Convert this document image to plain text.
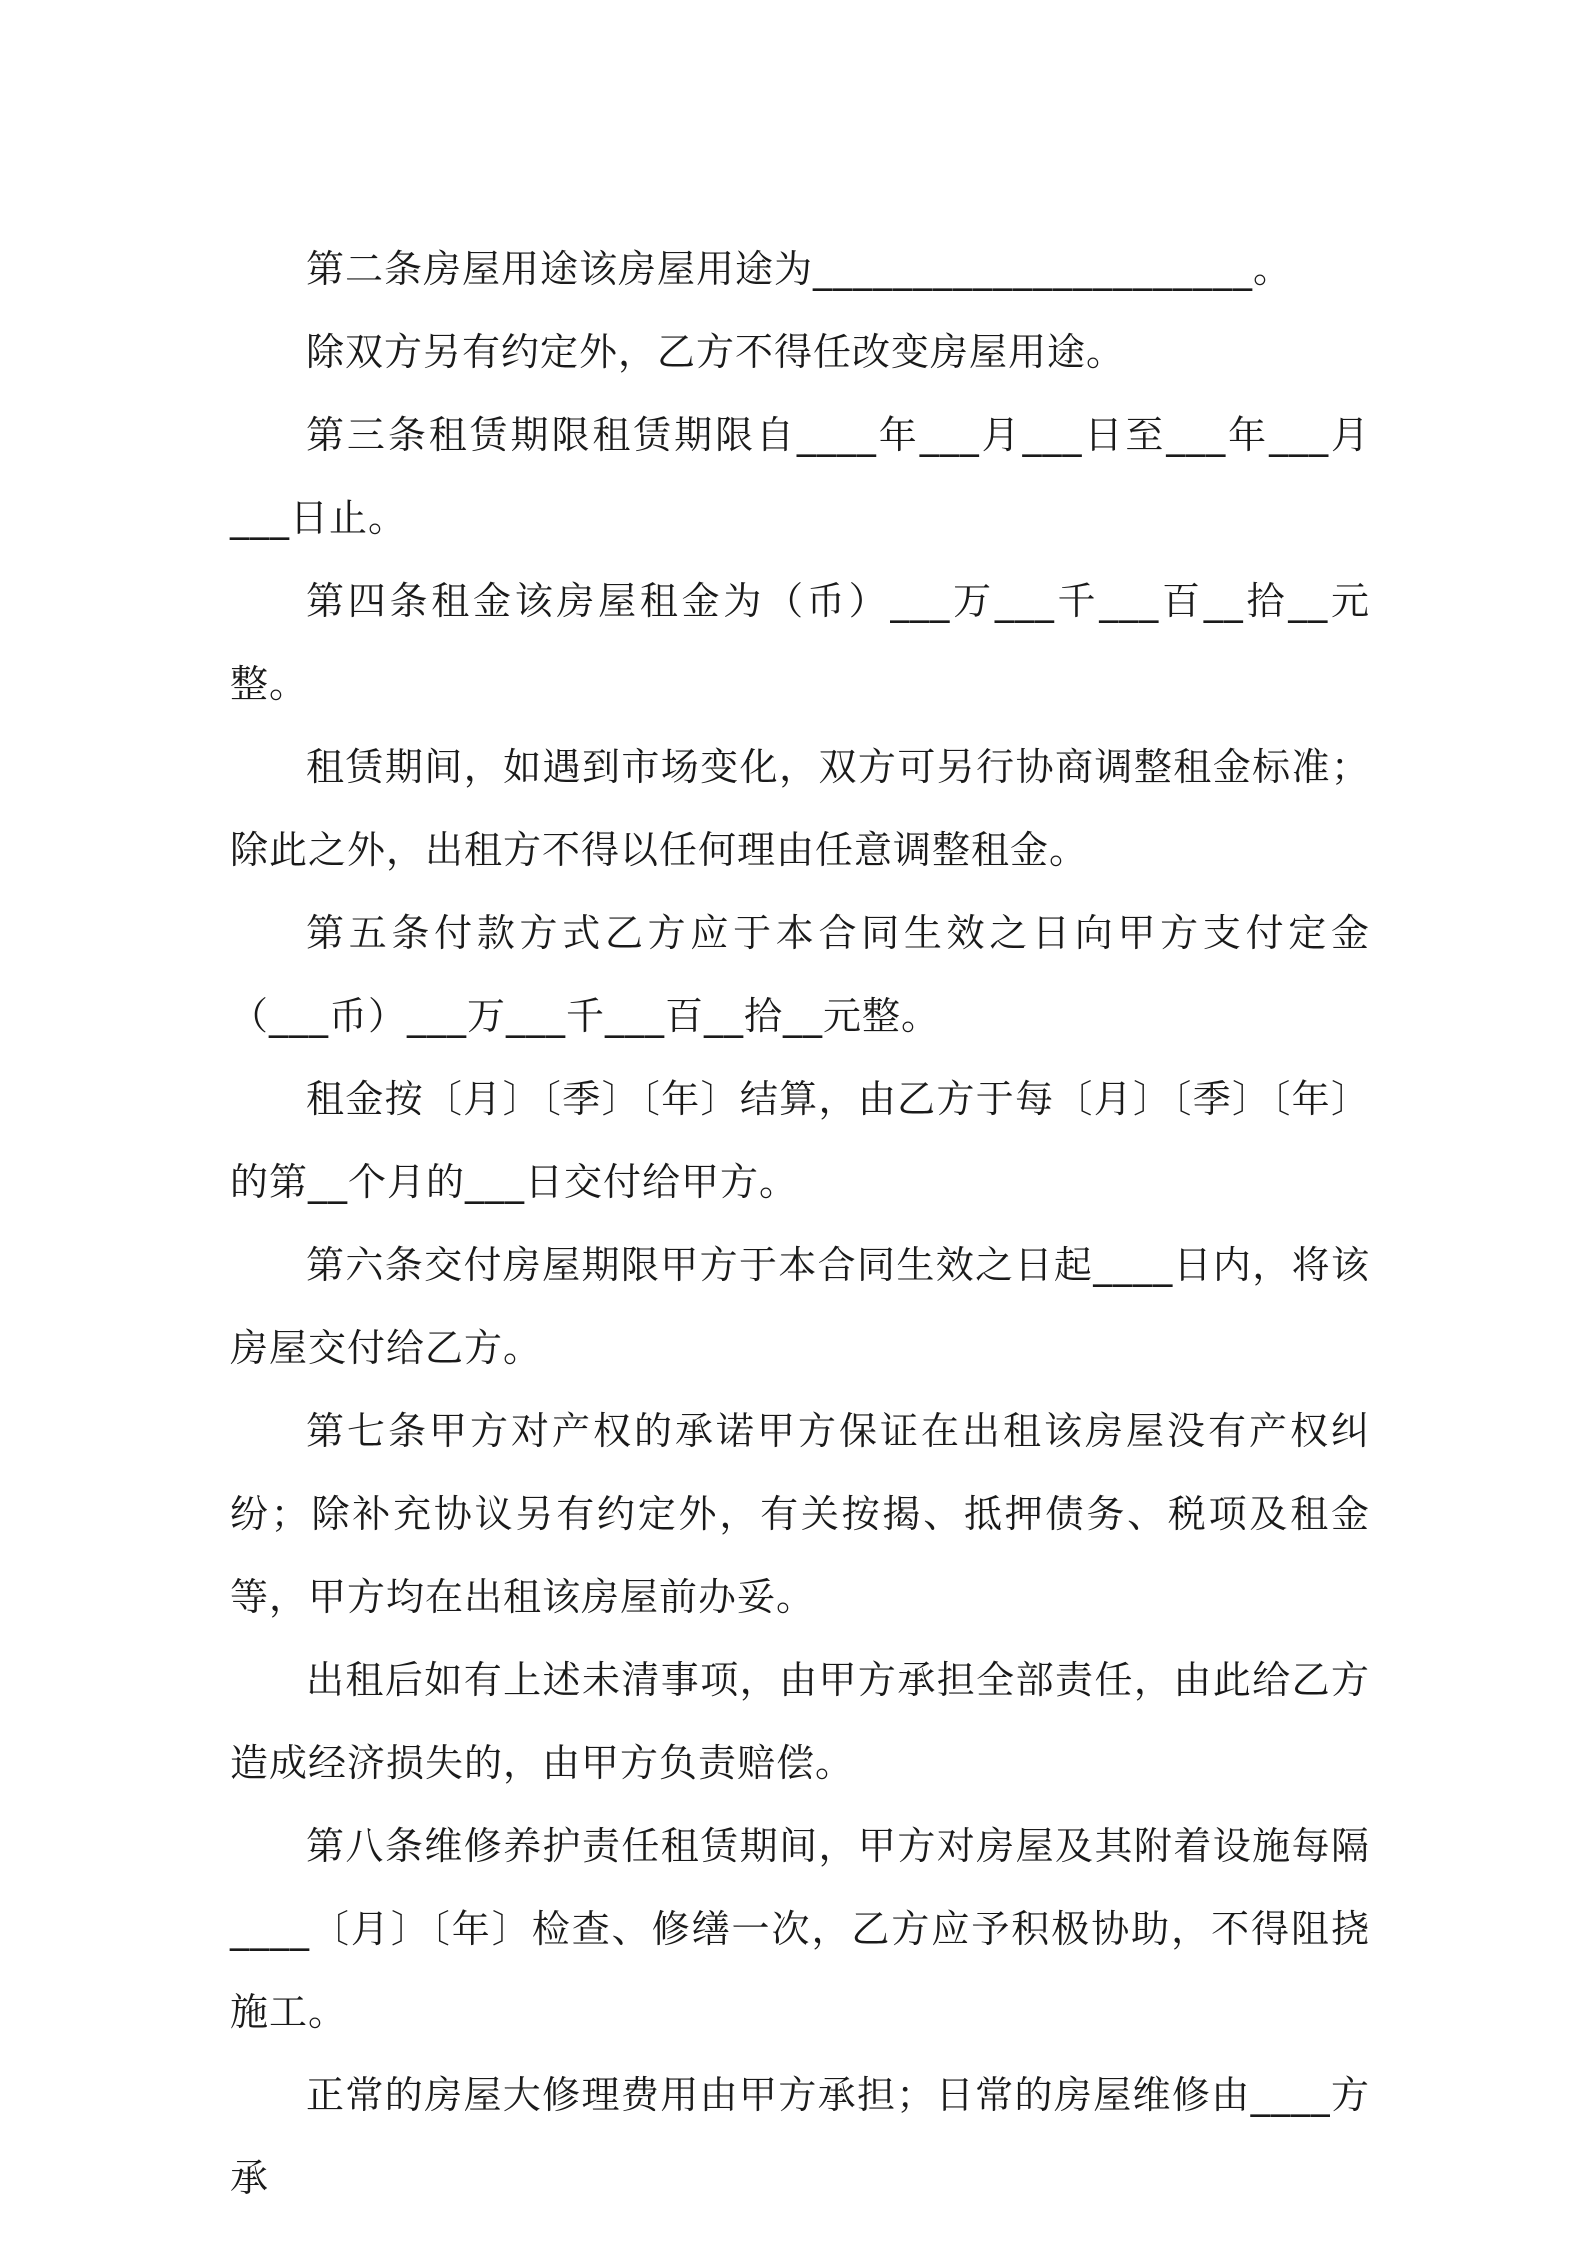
第二条房屋用途该房屋用途为______________________。

除双方另有约定外，乙方不得任改变房屋用途。

第三条租赁期限租赁期限自____年___月___日至___年___月___日止。

第四条租金该房屋租金为（币）___万___千___百__拾__元整。

租赁期间，如遇到市场变化，双方可另行协商调整租金标准；除此之外，出租方不得以任何理由任意调整租金。

第五条付款方式乙方应于本合同生效之日向甲方支付定金（___币）___万___千___百__拾__元整。

租金按〔月〕〔季〕〔年〕结算，由乙方于每〔月〕〔季〕〔年〕的第__个月的___日交付给甲方。

第六条交付房屋期限甲方于本合同生效之日起____日内，将该房屋交付给乙方。

第七条甲方对产权的承诺甲方保证在出租该房屋没有产权纠纷；除补充协议另有约定外，有关按揭、抵押债务、税项及租金等，甲方均在出租该房屋前办妥。

出租后如有上述未清事项，由甲方承担全部责任，由此给乙方造成经济损失的，由甲方负责赔偿。

第八条维修养护责任租赁期间，甲方对房屋及其附着设施每隔____〔月〕〔年〕检查、修缮一次，乙方应予积极协助，不得阻挠施工。

正常的房屋大修理费用由甲方承担；日常的房屋维修由____方承
